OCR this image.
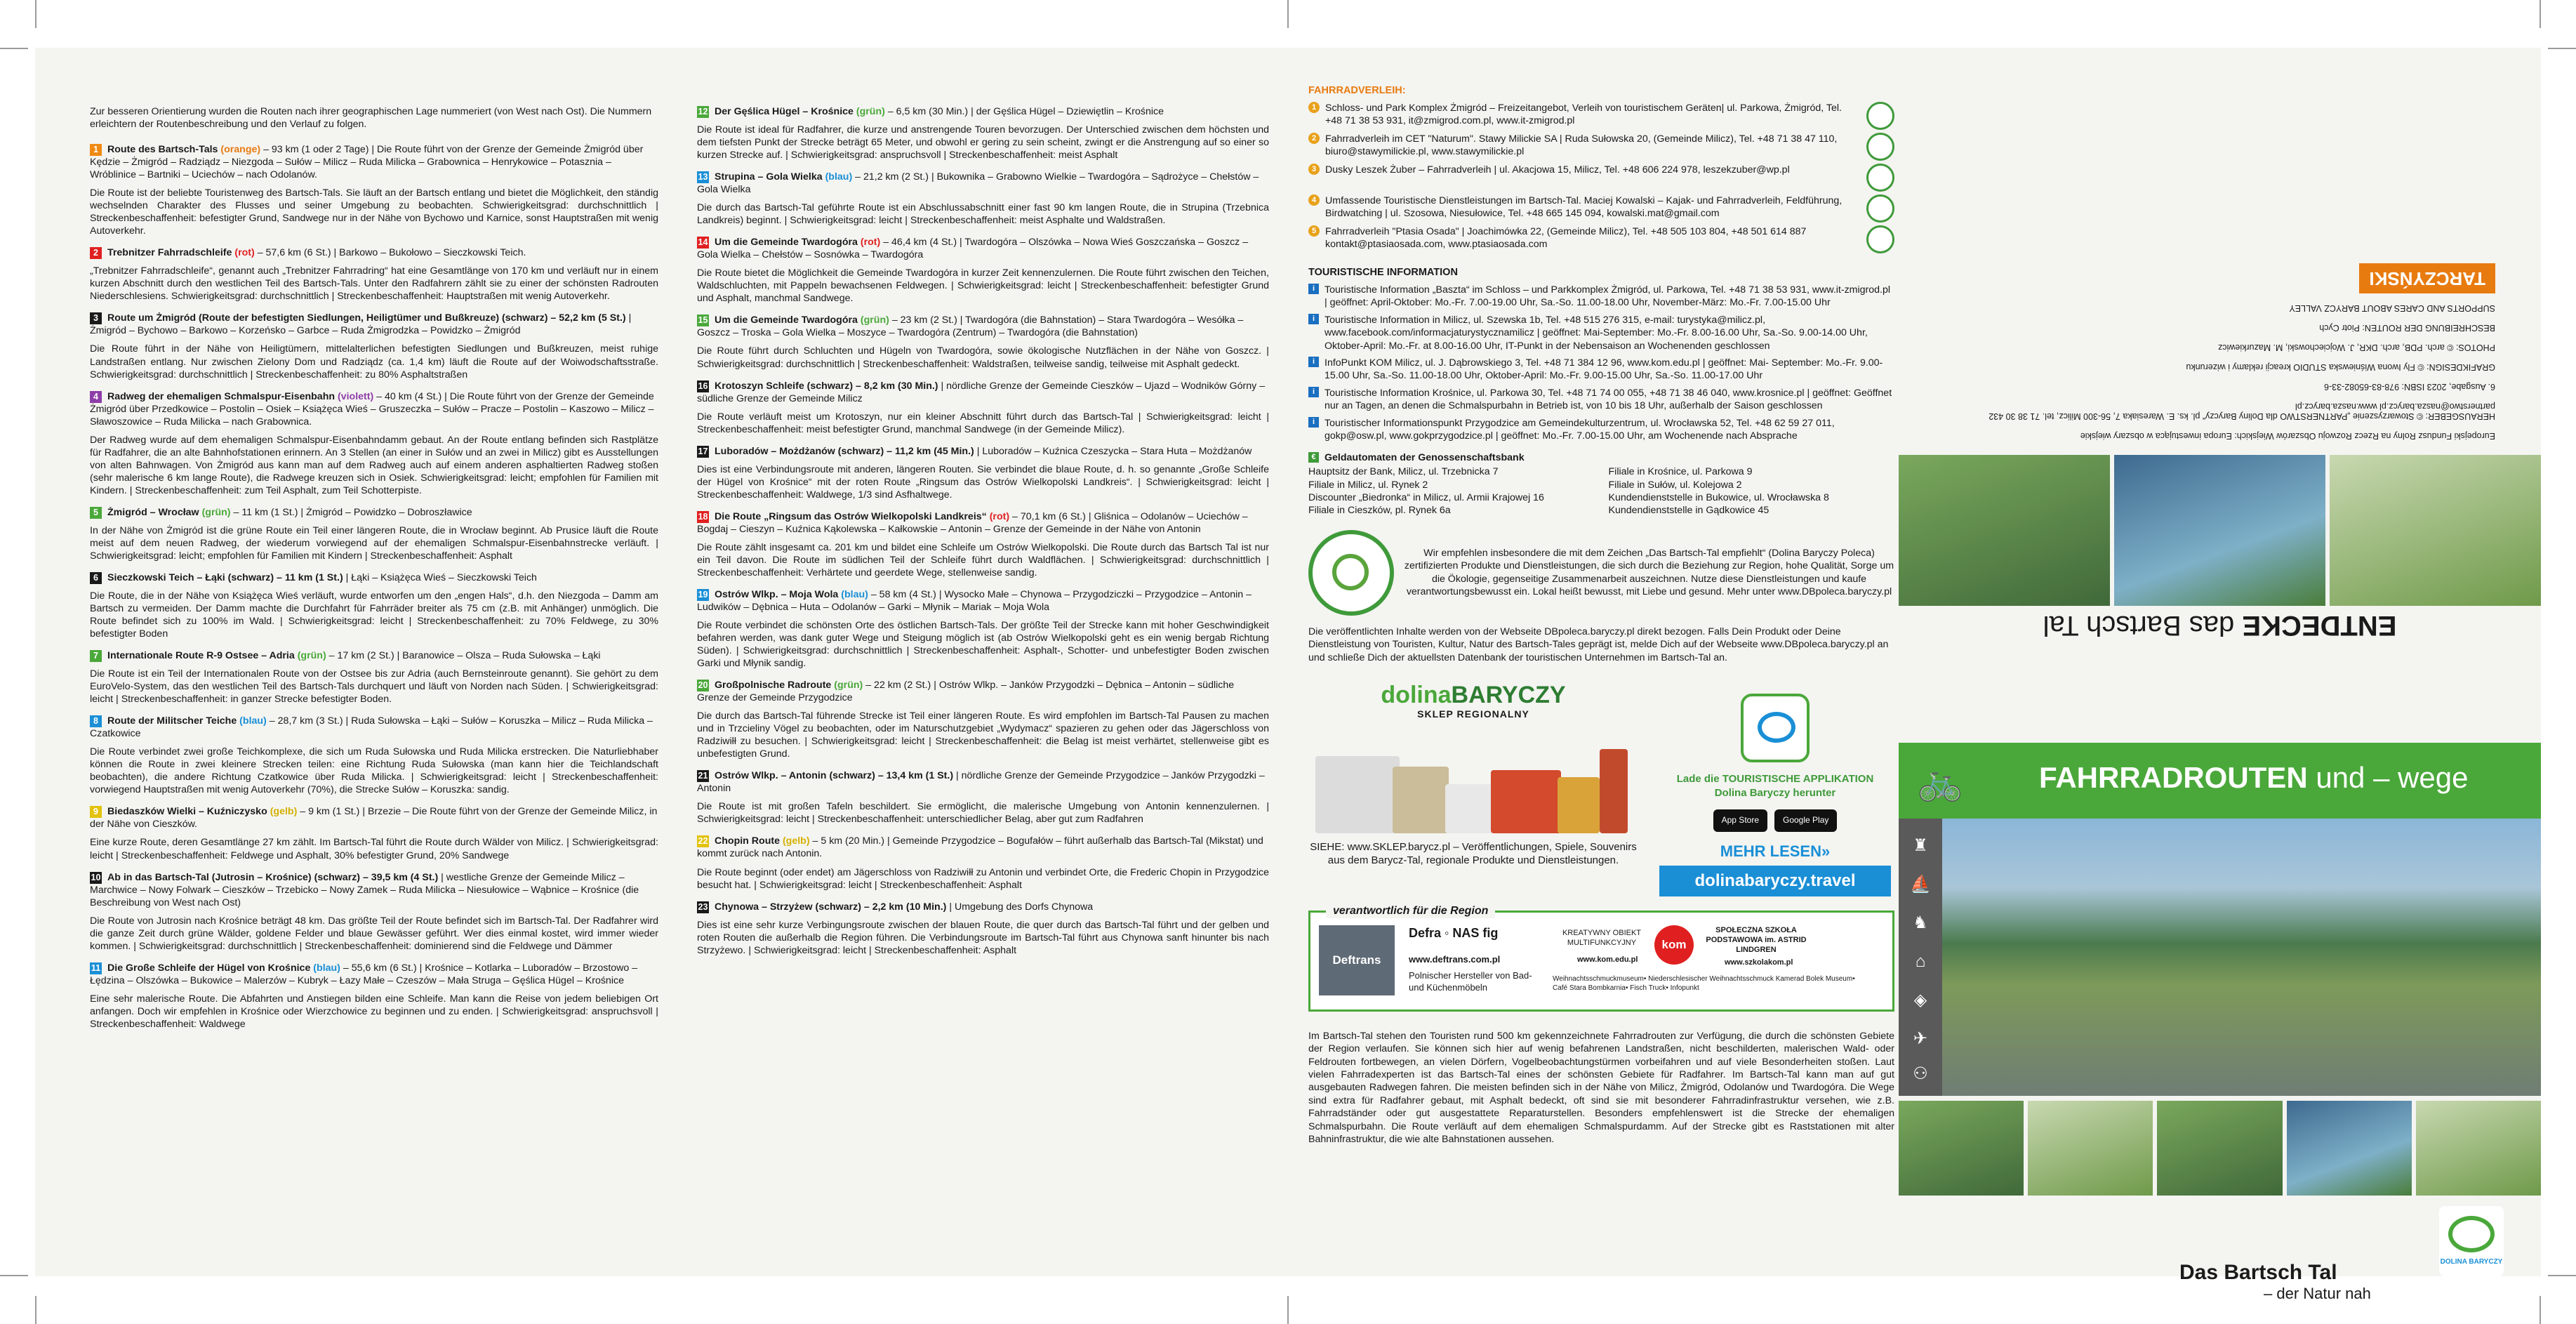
Zur besseren Orientierung wurden die Routen nach ihrer geographischen Lage nummeriert (von West nach Ost). Die Nummern erleichtern der Routenbeschreibung und den Verlauf zu folgen.
1 Route des Bartsch-Tals (orange) – 93 km (1 oder 2 Tage) | Die Route führt von der Grenze der Gemeinde Żmigród über Kędzie – Żmigród – Radziądz – Niezgoda – Sułów – Milicz – Ruda Milicka – Grabownica – Henrykowice – Potasznia – Wróblinice – Bartniki – Uciechów – nach Odolanów.
Die Route ist der beliebte Touristenweg des Bartsch-Tals. Sie läuft an der Bartsch entlang und bietet die Möglichkeit, den ständig wechselnden Charakter des Flusses und seiner Umgebung zu beobachten. Schwierigkeitsgrad: durchschnittlich | Streckenbeschaffenheit: befestigter Grund, Sandwege nur in der Nähe von Bychowo und Karnice, sonst Hauptstraßen mit wenig Autoverkehr.
2 Trebnitzer Fahrradschleife (rot) – 57,6 km (6 St.) | Barkowo – Bukołowo – Sieczkowski Teich.
„Trebnitzer Fahrradschleife“, genannt auch „Trebnitzer Fahrradring“ hat eine Gesamtlänge von 170 km und verläuft nur in einem kurzen Abschnitt durch den westlichen Teil des Bartsch-Tals. Unter den Radfahrern zählt sie zu einer der schönsten Radrouten Niederschlesiens. Schwierigkeitsgrad: durchschnittlich | Streckenbeschaffenheit: Hauptstraßen mit wenig Autoverkehr.
3 Route um Żmigród (Route der befestigten Siedlungen, Heiligtümer und Bußkreuze) (schwarz) – 52,2 km (5 St.) | Żmigród – Bychowo – Barkowo – Korzeńsko – Garbce – Ruda Żmigrodzka – Powidzko – Żmigród
Die Route führt in der Nähe von Heiligtümern, mittelalterlichen befestigten Siedlungen und Bußkreuzen, meist ruhige Landstraßen entlang. Nur zwischen Zielony Dom und Radziądz (ca. 1,4 km) läuft die Route auf der Woiwodschaftsstraße. Schwierigkeitsgrad: durchschnittlich | Streckenbeschaffenheit: zu 80% Asphaltstraßen
4 Radweg der ehemaligen Schmalspur-Eisenbahn (violett) – 40 km (4 St.) | Die Route führt von der Grenze der Gemeinde Żmigród über Przedkowice – Postolin – Osiek – Książęca Wieś – Gruszeczka – Sułów – Pracze – Postolin – Kaszowo – Milicz – Sławoszowice – Ruda Milicka – nach Grabownica.
Der Radweg wurde auf dem ehemaligen Schmalspur-Eisenbahndamm gebaut. An der Route entlang befinden sich Rastplätze für Radfahrer, die an alte Bahnhofstationen erinnern. An 3 Stellen (an einer in Sułów und an zwei in Milicz) gibt es Ausstellungen von alten Bahnwagen. Von Żmigród aus kann man auf dem Radweg auch auf einem anderen asphaltierten Radweg stoßen (sehr malerische 6 km lange Route), die Radwege kreuzen sich in Osiek. Schwierigkeitsgrad: leicht; empfohlen für Familien mit Kindern. | Streckenbeschaffenheit: zum Teil Asphalt, zum Teil Schotterpiste.
5 Żmigród – Wrocław (grün) – 11 km (1 St.) | Żmigród – Powidzko – Dobroszławice
In der Nähe von Żmigród ist die grüne Route ein Teil einer längeren Route, die in Wrocław beginnt. Ab Prusice läuft die Route meist auf dem neuen Radweg, der wiederum vorwiegend auf der ehemaligen Schmalspur-Eisenbahnstrecke verläuft. | Schwierigkeitsgrad: leicht; empfohlen für Familien mit Kindern | Streckenbeschaffenheit: Asphalt
6 Sieczkowski Teich – Łąki (schwarz) – 11 km (1 St.) | Łąki – Książęca Wieś – Sieczkowski Teich
Die Route, die in der Nähe von Książęca Wieś verläuft, wurde entworfen um den „engen Hals“, d.h. den Niezgoda – Damm am Bartsch zu vermeiden. Der Damm machte die Durchfahrt für Fahrräder breiter als 75 cm (z.B. mit Anhänger) unmöglich. Die Route befindet sich zu 100% im Wald. | Schwierigkeitsgrad: leicht | Streckenbeschaffenheit: zu 70% Feldwege, zu 30% befestigter Boden
7 Internationale Route R-9 Ostsee – Adria (grün) – 17 km (2 St.) | Baranowice – Olsza – Ruda Sułowska – Łąki
Die Route ist ein Teil der Internationalen Route von der Ostsee bis zur Adria (auch Bernsteinroute genannt). Sie gehört zu dem EuroVelo-System, das den westlichen Teil des Bartsch-Tals durchquert und läuft von Norden nach Süden. | Schwierigkeitsgrad: leicht | Streckenbeschaffenheit: in ganzer Strecke befestigter Boden.
8 Route der Militscher Teiche (blau) – 28,7 km (3 St.) | Ruda Sułowska – Łąki – Sułów – Koruszka – Milicz – Ruda Milicka – Czatkowice
Die Route verbindet zwei große Teichkomplexe, die sich um Ruda Sułowska und Ruda Milicka erstrecken. Die Naturliebhaber können die Route in zwei kleinere Strecken teilen: eine Richtung Ruda Sułowska (man kann hier die Teichlandschaft beobachten), die andere Richtung Czatkowice über Ruda Milicka. | Schwierigkeitsgrad: leicht | Streckenbeschaffenheit: vorwiegend Hauptstraßen mit wenig Autoverkehr (70%), die Strecke Sułów – Koruszka: sandig.
9 Biedaszków Wielki – Kuźniczysko (gelb) – 9 km (1 St.) | Brzezie – Die Route führt von der Grenze der Gemeinde Milicz, in der Nähe von Cieszków.
Eine kurze Route, deren Gesamtlänge 27 km zählt. Im Bartsch-Tal führt die Route durch Wälder von Milicz. | Schwierigkeitsgrad: leicht | Streckenbeschaffenheit: Feldwege und Asphalt, 30% befestigter Grund, 20% Sandwege
10 Ab in das Bartsch-Tal (Jutrosin – Krośnice) (schwarz) – 39,5 km (4 St.) | westliche Grenze der Gemeinde Milicz – Marchwice – Nowy Folwark – Cieszków – Trzebicko – Nowy Zamek – Ruda Milicka – Niesułowice – Wąbnice – Krośnice (die Beschreibung von West nach Ost)
Die Route von Jutrosin nach Krośnice beträgt 48 km. Das größte Teil der Route befindet sich im Bartsch-Tal. Der Radfahrer wird die ganze Zeit durch grüne Wälder, goldene Felder und blaue Gewässer geführt. Wer dies einmal kostet, wird immer wieder kommen. | Schwierigkeitsgrad: durchschnittlich | Streckenbeschaffenheit: dominierend sind die Feldwege und Dämmer
11 Die Große Schleife der Hügel von Krośnice (blau) – 55,6 km (6 St.) | Krośnice – Kotlarka – Luboradów – Brzostowo – Łędzina – Olszówka – Bukowice – Malerzów – Kubryk – Łazy Małe – Czeszów – Mała Struga – Gęślica Hügel – Krośnice
Eine sehr malerische Route. Die Abfahrten und Anstiegen bilden eine Schleife. Man kann die Reise von jedem beliebigen Ort anfangen. Doch wir empfehlen in Krośnice oder Wierzchowice zu beginnen und zu enden. | Schwierigkeitsgrad: anspruchsvoll | Streckenbeschaffenheit: Waldwege
12 Der Gęślica Hügel – Krośnice (grün) – 6,5 km (30 Min.) | der Gęślica Hügel – Dziewiętlin – Krośnice
Die Route ist ideal für Radfahrer, die kurze und anstrengende Touren bevorzugen. Der Unterschied zwischen dem höchsten und dem tiefsten Punkt der Strecke beträgt 65 Meter, und obwohl er gering zu sein scheint, zwingt er die Anstrengung auf so einer so kurzen Strecke auf. | Schwierigkeitsgrad: anspruchsvoll | Streckenbeschaffenheit: meist Asphalt
13 Strupina – Gola Wielka (blau) – 21,2 km (2 St.) | Bukownika – Grabowno Wielkie – Twardogóra – Sądrożyce – Chełstów – Gola Wielka
Die durch das Bartsch-Tal geführte Route ist ein Abschlussabschnitt einer fast 90 km langen Route, die in Strupina (Trzebnica Landkreis) beginnt. | Schwierigkeitsgrad: leicht | Streckenbeschaffenheit: meist Asphalte und Waldstraßen.
14 Um die Gemeinde Twardogóra (rot) – 46,4 km (4 St.) | Twardogóra – Olszówka – Nowa Wieś Goszczańska – Goszcz – Gola Wielka – Chełstów – Sosnówka – Twardogóra
Die Route bietet die Möglichkeit die Gemeinde Twardogóra in kurzer Zeit kennenzulernen. Die Route führt zwischen den Teichen, Waldschluchten, mit Pappeln bewachsenen Feldwegen. | Schwierigkeitsgrad: leicht | Streckenbeschaffenheit: befestigter Grund und Asphalt, manchmal Sandwege.
15 Um die Gemeinde Twardogóra (grün) – 23 km (2 St.) | Twardogóra (die Bahnstation) – Stara Twardogóra – Wesółka – Goszcz – Troska – Gola Wielka – Moszyce – Twardogóra (Zentrum) – Twardogóra (die Bahnstation)
Die Route führt durch Schluchten und Hügeln von Twardogóra, sowie ökologische Nutzflächen in der Nähe von Goszcz. | Schwierigkeitsgrad: durchschnittlich | Streckenbeschaffenheit: Waldstraßen, teilweise sandig, teilweise mit Asphalt gedeckt.
16 Krotoszyn Schleife (schwarz) – 8,2 km (30 Min.) | nördliche Grenze der Gemeinde Cieszków – Ujazd – Wodników Górny – südliche Grenze der Gemeinde Milicz
Die Route verläuft meist um Krotoszyn, nur ein kleiner Abschnitt führt durch das Bartsch-Tal | Schwierigkeitsgrad: leicht | Streckenbeschaffenheit: meist befestigter Grund, manchmal Sandwege (in der Gemeinde Milicz).
17 Luboradów – Możdżanów (schwarz) – 11,2 km (45 Min.) | Luboradów – Kuźnica Czeszycka – Stara Huta – Możdżanów
Dies ist eine Verbindungsroute mit anderen, längeren Routen. Sie verbindet die blaue Route, d. h. so genannte „Große Schleife der Hügel von Krośnice“ mit der roten Route „Ringsum das Ostrów Wielkopolski Landkreis“. | Schwierigkeitsgrad: leicht | Streckenbeschaffenheit: Waldwege, 1/3 sind Asfhaltwege.
18 Die Route „Ringsum das Ostrów Wielkopolski Landkreis“ (rot) – 70,1 km (6 St.) | Gliśnica – Odolanów – Uciechów – Bogdaj – Cieszyn – Kuźnica Kąkolewska – Kałkowskie – Antonin – Grenze der Gemeinde in der Nähe von Antonin
Die Route zählt insgesamt ca. 201 km und bildet eine Schleife um Ostrów Wielkopolski. Die Route durch das Bartsch Tal ist nur ein Teil davon. Die Route im südlichen Teil der Schleife führt durch Waldflächen. | Schwierigkeitsgrad: durchschnittlich | Streckenbeschaffenheit: Verhärtete und geerdete Wege, stellenweise sandig.
19 Ostrów Wlkp. – Moja Wola (blau) – 58 km (4 St.) | Wysocko Małe – Chynowa – Przygodziczki – Przygodzice – Antonin – Ludwików – Dębnica – Huta – Odolanów – Garki – Młynik – Mariak – Moja Wola
Die Route verbindet die schönsten Orte des östlichen Bartsch-Tals. Der größte Teil der Strecke kann mit hoher Geschwindigkeit befahren werden, was dank guter Wege und Steigung möglich ist (ab Ostrów Wielkopolski geht es ein wenig bergab Richtung Süden). | Schwierigkeitsgrad: durchschnittlich | Streckenbeschaffenheit: Asphalt-, Schotter- und unbefestigter Boden zwischen Garki und Młynik sandig.
20 Großpolnische Radroute (grün) – 22 km (2 St.) | Ostrów Wlkp. – Janków Przygodzki – Dębnica – Antonin – südliche Grenze der Gemeinde Przygodzice
Die durch das Bartsch-Tal führende Strecke ist Teil einer längeren Route. Es wird empfohlen im Bartsch-Tal Pausen zu machen und in Trzcieliny Vögel zu beobachten, oder im Naturschutzgebiet „Wydymacz“ spazieren zu gehen oder das Jägerschloss von Radziwiłł zu besuchen. | Schwierigkeitsgrad: leicht | Streckenbeschaffenheit: die Belag ist meist verhärtet, stellenweise gibt es unbefestigten Grund.
21 Ostrów Wlkp. – Antonin (schwarz) – 13,4 km (1 St.) | nördliche Grenze der Gemeinde Przygodzice – Janków Przygodzki – Antonin
Die Route ist mit großen Tafeln beschildert. Sie ermöglicht, die malerische Umgebung von Antonin kennenzulernen. | Schwierigkeitsgrad: leicht | Streckenbeschaffenheit: unterschiedlicher Belag, aber gut zum Radfahren
22 Chopin Route (gelb) – 5 km (20 Min.) | Gemeinde Przygodzice – Bogufałów – führt außerhalb das Bartsch-Tal (Mikstat) und kommt zurück nach Antonin.
Die Route beginnt (oder endet) am Jägerschloss von Radziwiłł zu Antonin und verbindet Orte, die Frederic Chopin in Przygodzice besucht hat. | Schwierigkeitsgrad: leicht | Streckenbeschaffenheit: Asphalt
23 Chynowa – Strzyżew (schwarz) – 2,2 km (10 Min.) | Umgebung des Dorfs Chynowa
Dies ist eine sehr kurze Verbingungsroute zwischen der blauen Route, die quer durch das Bartsch-Tal führt und der gelben und roten Routen die außerhalb die Region führen. Die Verbindungsroute im Bartsch-Tal führt aus Chynowa sanft hinunter bis nach Strzyżewo. | Schwierigkeitsgrad: leicht | Streckenbeschaffenheit: Asphalt
FAHRRADVERLEIH:
1 Schloss- und Park Komplex Żmigród – Freizeitangebot, Verleih von touristischem Geräten| ul. Parkowa, Żmigród, Tel. +48 71 38 53 931, it@zmigrod.com.pl, www.it-zmigrod.pl
2 Fahrradverleih im CET "Naturum". Stawy Milickie SA | Ruda Sułowska 20, (Gemeinde Milicz), Tel. +48 71 38 47 110, biuro@stawymilickie.pl, www.stawymilickie.pl
3 Dusky Leszek Żuber – Fahrradverleih | ul. Akacjowa 15, Milicz, Tel. +48 606 224 978, leszekzuber@wp.pl
4 Umfassende Touristische Dienstleistungen im Bartsch-Tal. Maciej Kowalski – Kajak- und Fahrradverleih, Feldführung, Birdwatching | ul. Szosowa, Niesułowice, Tel. +48 665 145 094, kowalski.mat@gmail.com
5 Fahrradverleih "Ptasia Osada" | Joachimówka 22, (Gemeinde Milicz), Tel. +48 505 103 804, +48 501 614 887 kontakt@ptasiaosada.com, www.ptasiaosada.com
TOURISTISCHE INFORMATION
i Touristische Information „Baszta“ im Schloss – und Parkkomplex Żmigród, ul. Parkowa, Tel. +48 71 38 53 931, www.it-zmigrod.pl | geöffnet: April-Oktober: Mo.-Fr. 7.00-19.00 Uhr, Sa.-So. 11.00-18.00 Uhr, November-März: Mo.-Fr. 7.00-15.00 Uhr
i Touristische Information in Milicz, ul. Szewska 1b, Tel. +48 515 276 315, e-mail: turystyka@milicz.pl, www.facebook.com/informacjaturystycznamilicz | geöffnet: Mai-September: Mo.-Fr. 8.00-16.00 Uhr, Sa.-So. 9.00-14.00 Uhr, Oktober-April: Mo.-Fr. at 8.00-16.00 Uhr, IT-Punkt in der Nebensaison an Wochenenden geschlossen
i InfoPunkt KOM Milicz, ul. J. Dąbrowskiego 3, Tel. +48 71 384 12 96, www.kom.edu.pl | geöffnet: Mai- September: Mo.-Fr. 9.00-15.00 Uhr, Sa.-So. 11.00-18.00 Uhr, Oktober-April: Mo.-Fr. 9.00-15.00 Uhr, Sa.-So. 11.00-17.00 Uhr
i Touristische Information Krośnice, ul. Parkowa 30, Tel. +48 71 74 00 055, +48 71 38 46 040, www.krosnice.pl | geöffnet: Geöffnet nur an Tagen, an denen die Schmalspurbahn in Betrieb ist, von 10 bis 18 Uhr, außerhalb der Saison geschlossen
i Touristischer Informationspunkt Przygodzice am Gemeindekulturzentrum, ul. Wrocławska 52, Tel. +48 62 59 27 011, gokp@osw.pl, www.gokprzygodzice.pl | geöffnet: Mo.-Fr. 7.00-15.00 Uhr, am Wochenende nach Absprache
€ Geldautomaten der Genossenschaftsbank
Hauptsitz der Bank, Milicz, ul. Trzebnicka 7
Filiale in Milicz, ul. Rynek 2
Discounter „Biedronka“ in Milicz, ul. Armii Krajowej 16
Filiale in Cieszków, pl. Rynek 6a
Filiale in Krośnice, ul. Parkowa 9
Filiale in Sułów, ul. Kolejowa 2
Kundendienststelle in Bukowice, ul. Wrocławska 8
Kundendienststelle in Gądkowice 45
Wir empfehlen insbesondere die mit dem Zeichen „Das Bartsch-Tal empfiehlt“ (Dolina Baryczy Poleca) zertifizierten Produkte und Dienstleistungen, die sich durch die Beziehung zur Region, hohe Qualität, Sorge um die Ökologie, gegenseitige Zusammenarbeit auszeichnen. Nutze diese Dienstleistungen und kaufe verantwortungsbewusst ein. Lokal heißt bewusst, mit Liebe und gesund. Mehr unter www.DBpoleca.baryczy.pl
Die veröffentlichten Inhalte werden von der Webseite DBpoleca.baryczy.pl direkt bezogen. Falls Dein Produkt oder Deine Dienstleistung von Touristen, Kultur, Natur des Bartsch-Tales geprägt ist, melde Dich auf der Webseite www.DBpoleca.baryczy.pl an und schließe Dich der aktuellsten Datenbank der touristischen Unternehmen im Bartsch-Tal an.
dolinaBARYCZY
SKLEP REGIONALNY
SIEHE: www.SKLEP.barycz.pl – Veröffentlichungen, Spiele, Souvenirs aus dem Barycz-Tal, regionale Produkte und Dienstleistungen.
Lade die TOURISTISCHE APPLIKATION Dolina Baryczy herunter
App Store	Google Play
MEHR LESEN»
dolinabaryczy.travel
verantwortlich für die Region
Deftrans
Defra ◦ NAS fig
www.deftrans.com.pl
Polnischer Hersteller von Bad- und Küchenmöbeln
KREATYWNY OBIEKT MULTIFUNKCYJNY
www.kom.edu.pl
kom
SPOŁECZNA SZKOŁA PODSTAWOWA im. ASTRID LINDGREN
www.szkolakom.pl
Weihnachtsschmuckmuseum• Niederschlesischer Weihnachtsschmuck Kamerad Bolek Museum• Café Stara Bombkarnia• Fisch Truck• Infopunkt
Im Bartsch-Tal stehen den Touristen rund 500 km gekennzeichnete Fahrradrouten zur Verfügung, die durch die schönsten Gebiete der Region verlaufen. Sie können sich hier auf wenig befahrenen Landstraßen, nicht beschilderten, malerischen Wald- oder Feldrouten fortbewegen, an vielen Dörfern, Vogelbeobachtungstürmen vorbeifahren und auf viele Besonderheiten stoßen. Laut vielen Fahrradexperten ist das Bartsch-Tal eines der schönsten Gebiete für Radfahrer. Im Bartsch-Tal kann man auf gut ausgebauten Radwegen fahren. Die meisten befinden sich in der Nähe von Milicz, Żmigród, Odolanów und Twardogóra. Die Wege sind extra für Radfahrer gebaut, mit Asphalt bedeckt, oft sind sie mit besonderer Fahrradinfrastruktur versehen, wie z.B. Fahrradständer oder gut ausgestattete Reparaturstellen. Besonders empfehlenswert ist die Strecke der ehemaligen Schmalspurbahn. Die Route verläuft auf dem ehemaligen Schmalspurdamm. Auf der Strecke gibt es Raststationen mit alter Bahninfrastruktur, die wie alte Bahnstationen aussehen.
Europejski Fundusz Rolny na Rzecz Rozwoju Obszarów Wiejskich: Europa inwestująca w obszary wiejskie
HERAUSGEBER: © Stowarzyszenie „PARTNERSTWO dla Doliny Baryczy“ pl. ks. E. Waresiaka 7, 56-300 Milicz, tel. 71 38 30 432 partnerstwo@nasza.barycz.pl www.nasza.barycz.pl
6. Ausgabe, 2023 ISBN: 978-83-65082-33-6
GRAFIKDESIGN: © Fly Iwona Wiśniewska STUDIO kreacji reklamy i wizerunku
PHOTOS: © arch. PDB, arch. DKR, J. Wojciechowski, M. Mazurkiewicz
BESCHREIBUNG DER ROUTEN: Piotr Cych
SUPPORTS AND CARES ABOUT BARYCZ VALLEY
TARCZYŃSKI
ENTDECKE das Bartsch Tal
🚲	FAHRRADROUTEN und – wege
♜
⛵
♞
⌂
◈
✈
⚇
Das Bartsch Tal
– der Natur nah
DOLINA BARYCZY
